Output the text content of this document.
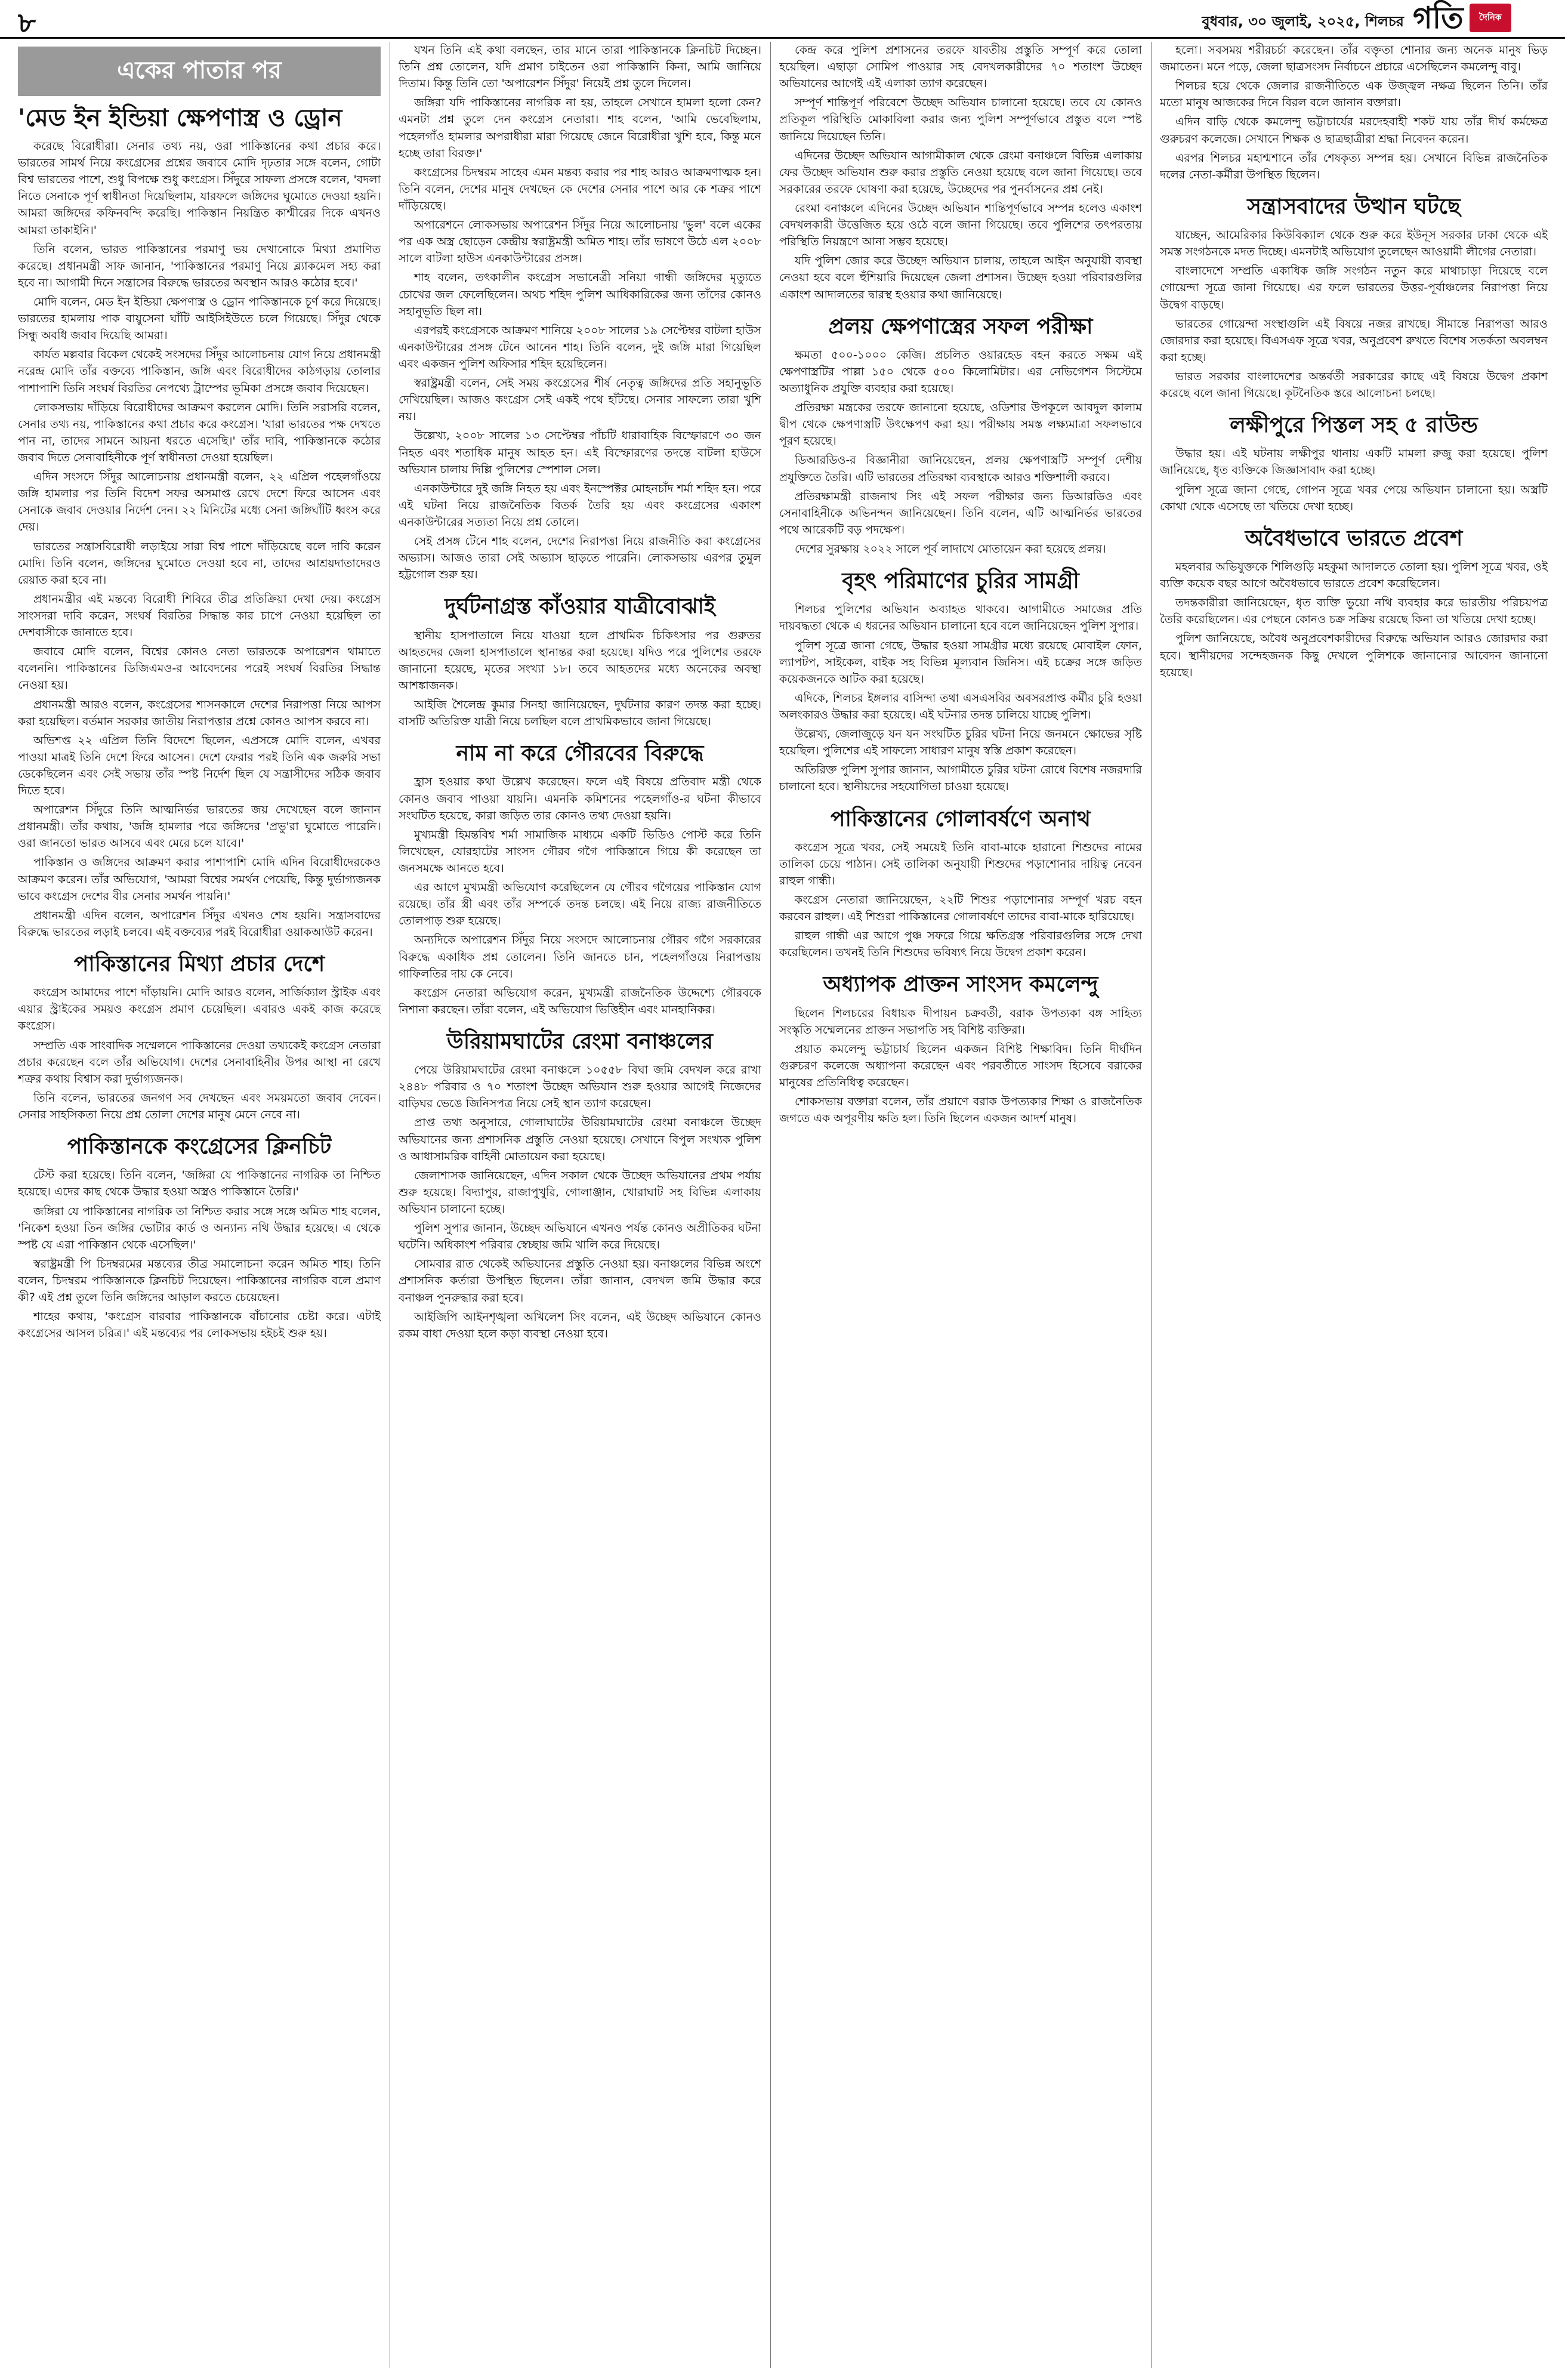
৮	বুধবার, ৩০ জুলাই, ২০২৫, শিলচর গতি	দৈনিক
একের পাতার পর
'মেড ইন ইন্ডিয়া ক্ষেপণাস্ত্র ও ড্রোন

করেছে বিরোধীরা। সেনার তথ্য নয়, ওরা পাকিস্তানের কথা প্রচার করে। ভারতের সামর্থ নিয়ে কংগ্রেসের প্রশ্নের জবাবে মোদি দৃঢ়তার সঙ্গে বলেন, গোটা বিশ্ব ভারতের পাশে, শুধু বিপক্ষে শুধু কংগ্রেস। সিঁদুরে সাফল্য প্রসঙ্গে বলেন, 'বদলা নিতে সেনাকে পূর্ণ স্বাধীনতা দিয়েছিলাম, যারফলে জঙ্গিদের ঘুমোতে দেওয়া হয়নি। আমরা জঙ্গিদের কফিনবন্দি করেছি। পাকিস্তান নিয়ন্ত্রিত কাশ্মীরের দিকে এখনও আমরা তাকাইনি।'

তিনি বলেন, ভারত পাকিস্তানের পরমাণু ভয় দেখানোকে মিথ্যা প্রমাণিত করেছে। প্রধানমন্ত্রী সাফ জানান, 'পাকিস্তানের পরমাণু নিয়ে ব্ল্যাকমেল সহ্য করা হবে না। আগামী দিনে সন্ত্রাসের বিরুদ্ধে ভারতের অবস্থান আরও কঠোর হবে।'

মোদি বলেন, মেড ইন ইন্ডিয়া ক্ষেপণাস্ত্র ও ড্রোন পাকিস্তানকে চূর্ণ করে দিয়েছে। ভারতের হামলায় পাক বায়ুসেনা ঘাঁটি আইসিইউতে চলে গিয়েছে। সিঁদুর থেকে সিন্ধু অবধি জবাব দিয়েছি আমরা।

কার্যত মল্লবার বিকেল থেকেই সংসদের সিঁদুর আলোচনায় যোগ নিয়ে প্রধানমন্ত্রী নরেন্দ্র মোদি তাঁর বক্তব্যে পাকিস্তান, জঙ্গি এবং বিরোধীদের কাঠগড়ায় তোলার পাশাপাশি তিনি সংঘর্ষ বিরতির নেপথ্যে ট্রাম্পের ভূমিকা প্রসঙ্গে জবাব দিয়েছেন।

লোকসভায় দাঁড়িয়ে বিরোধীদের আক্রমণ করলেন মোদি। তিনি সরাসরি বলেন, সেনার তথ্য নয়, পাকিস্তানের কথা প্রচার করে কংগ্রেস। 'যারা ভারতের পক্ষ দেখতে পান না, তাদের সামনে আয়না ধরতে এসেছি।' তাঁর দাবি, পাকিস্তানকে কঠোর জবাব দিতে সেনাবাহিনীকে পূর্ণ স্বাধীনতা দেওয়া হয়েছিল।

এদিন সংসদে সিঁদুর আলোচনায় প্রধানমন্ত্রী বলেন, ২২ এপ্রিল পহেলগাঁওয়ে জঙ্গি হামলার পর তিনি বিদেশ সফর অসমাপ্ত রেখে দেশে ফিরে আসেন এবং সেনাকে জবাব দেওয়ার নির্দেশ দেন। ২২ মিনিটের মধ্যে সেনা জঙ্গিঘাঁটি ধ্বংস করে দেয়।

ভারতের সন্ত্রাসবিরোধী লড়াইয়ে সারা বিশ্ব পাশে দাঁড়িয়েছে বলে দাবি করেন মোদি। তিনি বলেন, জঙ্গিদের ঘুমোতে দেওয়া হবে না, তাদের আশ্রয়দাতাদেরও রেয়াত করা হবে না।

প্রধানমন্ত্রীর এই মন্তব্যে বিরোধী শিবিরে তীব্র প্রতিক্রিয়া দেখা দেয়। কংগ্রেস সাংসদরা দাবি করেন, সংঘর্ষ বিরতির সিদ্ধান্ত কার চাপে নেওয়া হয়েছিল তা দেশবাসীকে জানাতে হবে।

জবাবে মোদি বলেন, বিশ্বের কোনও নেতা ভারতকে অপারেশন থামাতে বলেননি। পাকিস্তানের ডিজিএমও-র আবেদনের পরেই সংঘর্ষ বিরতির সিদ্ধান্ত নেওয়া হয়।

প্রধানমন্ত্রী আরও বলেন, কংগ্রেসের শাসনকালে দেশের নিরাপত্তা নিয়ে আপস করা হয়েছিল। বর্তমান সরকার জাতীয় নিরাপত্তার প্রশ্নে কোনও আপস করবে না।

অভিশপ্ত ২২ এপ্রিল তিনি বিদেশে ছিলেন, এপ্রসঙ্গে মোদি বলেন, এখবর পাওয়া মাত্রই তিনি দেশে ফিরে আসেন। দেশে ফেরার পরই তিনি এক জরুরি সভা ডেকেছিলেন এবং সেই সভায় তাঁর স্পষ্ট নির্দেশ ছিল যে সন্ত্রাসীদের সঠিক জবাব দিতে হবে।

অপারেশন সিঁদুরে তিনি আত্মনির্ভর ভারতের জয় দেখেছেন বলে জানান প্রধানমন্ত্রী। তাঁর কথায়, 'জঙ্গি হামলার পরে জঙ্গিদের 'প্রভু'রা ঘুমোতে পারেনি। ওরা জানতো ভারত আসবে এবং মেরে চলে যাবে।'

পাকিস্তান ও জঙ্গিদের আক্রমণ করার পাশাপাশি মোদি এদিন বিরোধীদেরকেও আক্রমণ করেন। তাঁর অভিযোগ, 'আমরা বিশ্বের সমর্থন পেয়েছি, কিন্তু দুর্ভাগ্যজনক ভাবে কংগ্রেস দেশের বীর সেনার সমর্থন পায়নি।'

প্রধানমন্ত্রী এদিন বলেন, অপারেশন সিঁদুর এখনও শেষ হয়নি। সন্ত্রাসবাদের বিরুদ্ধে ভারতের লড়াই চলবে। এই বক্তব্যের পরই বিরোধীরা ওয়াকআউট করেন।

পাকিস্তানের মিথ্যা প্রচার দেশে

কংগ্রেস আমাদের পাশে দাঁড়ায়নি। মোদি আরও বলেন, সার্জিক্যাল স্ট্রাইক এবং এয়ার স্ট্রাইকের সময়ও কংগ্রেস প্রমাণ চেয়েছিল। এবারও একই কাজ করেছে কংগ্রেস।

সম্প্রতি এক সাংবাদিক সম্মেলনে পাকিস্তানের দেওয়া তথ্যকেই কংগ্রেস নেতারা প্রচার করেছেন বলে তাঁর অভিযোগ। দেশের সেনাবাহিনীর উপর আস্থা না রেখে শত্রুর কথায় বিশ্বাস করা দুর্ভাগ্যজনক।

তিনি বলেন, ভারতের জনগণ সব দেখছেন এবং সময়মতো জবাব দেবেন। সেনার সাহসিকতা নিয়ে প্রশ্ন তোলা দেশের মানুষ মেনে নেবে না।

পাকিস্তানকে কংগ্রেসের ক্লিনচিট

টেস্ট করা হয়েছে। তিনি বলেন, 'জঙ্গিরা যে পাকিস্তানের নাগরিক তা নিশ্চিত হয়েছে। এদের কাছ থেকে উদ্ধার হওয়া অস্ত্রও পাকিস্তানে তৈরি।'

জঙ্গিরা যে পাকিস্তানের নাগরিক তা নিশ্চিত করার সঙ্গে সঙ্গে অমিত শাহ বলেন, 'নিকেশ হওয়া তিন জঙ্গির ভোটার কার্ড ও অন্যান্য নথি উদ্ধার হয়েছে। এ থেকে স্পষ্ট যে এরা পাকিস্তান থেকে এসেছিল।'

স্বরাষ্ট্রমন্ত্রী পি চিদম্বরমের মন্তব্যের তীব্র সমালোচনা করেন অমিত শাহ। তিনি বলেন, চিদম্বরম পাকিস্তানকে ক্লিনচিট দিয়েছেন। পাকিস্তানের নাগরিক বলে প্রমাণ কী? এই প্রশ্ন তুলে তিনি জঙ্গিদের আড়াল করতে চেয়েছেন।

শাহের কথায়, 'কংগ্রেস বারবার পাকিস্তানকে বাঁচানোর চেষ্টা করে। এটাই কংগ্রেসের আসল চরিত্র।' এই মন্তব্যের পর লোকসভায় হইচই শুরু হয়।

যখন তিনি এই কথা বলছেন, তার মানে তারা পাকিস্তানকে ক্লিনচিট দিচ্ছেন। তিনি প্রশ্ন তোলেন, যদি প্রমাণ চাইতেন ওরা পাকিস্তানি কিনা, আমি জানিয়ে দিতাম। কিন্তু তিনি তো 'অপারেশন সিঁদুর' নিয়েই প্রশ্ন তুলে দিলেন।

জঙ্গিরা যদি পাকিস্তানের নাগরিক না হয়, তাহলে সেখানে হামলা হলো কেন? এমনটা প্রশ্ন তুলে দেন কংগ্রেস নেতারা। শাহ বলেন, 'আমি ভেবেছিলাম, পহেলগাঁও হামলার অপরাধীরা মারা গিয়েছে জেনে বিরোধীরা খুশি হবে, কিন্তু মনে হচ্ছে তারা বিরক্ত।'

কংগ্রেসের চিদম্বরম সাহেব এমন মন্তব্য করার পর শাহ আরও আক্রমণাত্মক হন। তিনি বলেন, দেশের মানুষ দেখছেন কে দেশের সেনার পাশে আর কে শত্রুর পাশে দাঁড়িয়েছে।

অপারেশনে লোকসভায় অপারেশন সিঁদুর নিয়ে আলোচনায় 'ভুল' বলে একের পর এক অস্ত্র ছোড়েন কেন্দ্রীয় স্বরাষ্ট্রমন্ত্রী অমিত শাহ। তাঁর ভাষণে উঠে এল ২০০৮ সালে বাটলা হাউস এনকাউন্টারের প্রসঙ্গ।

শাহ বলেন, তৎকালীন কংগ্রেস সভানেত্রী সনিয়া গান্ধী জঙ্গিদের মৃত্যুতে চোখের জল ফেলেছিলেন। অথচ শহিদ পুলিশ আধিকারিকের জন্য তাঁদের কোনও সহানুভূতি ছিল না।

এরপরই কংগ্রেসকে আক্রমণ শানিয়ে ২০০৮ সালের ১৯ সেপ্টেম্বর বাটলা হাউস এনকাউন্টারের প্রসঙ্গ টেনে আনেন শাহ। তিনি বলেন, দুই জঙ্গি মারা গিয়েছিল এবং একজন পুলিশ অফিসার শহিদ হয়েছিলেন।

স্বরাষ্ট্রমন্ত্রী বলেন, সেই সময় কংগ্রেসের শীর্ষ নেতৃত্ব জঙ্গিদের প্রতি সহানুভূতি দেখিয়েছিল। আজও কংগ্রেস সেই একই পথে হাঁটছে। সেনার সাফল্যে তারা খুশি নয়।

উল্লেখ্য, ২০০৮ সালের ১৩ সেপ্টেম্বর পাঁচটি ধারাবাহিক বিস্ফোরণে ৩০ জন নিহত এবং শতাধিক মানুষ আহত হন। এই বিস্ফোরণের তদন্তে বাটলা হাউসে অভিযান চালায় দিল্লি পুলিশের স্পেশাল সেল।

এনকাউন্টারে দুই জঙ্গি নিহত হয় এবং ইনস্পেক্টর মোহনচাঁদ শর্মা শহিদ হন। পরে এই ঘটনা নিয়ে রাজনৈতিক বিতর্ক তৈরি হয় এবং কংগ্রেসের একাংশ এনকাউন্টারের সত্যতা নিয়ে প্রশ্ন তোলে।

সেই প্রসঙ্গ টেনে শাহ বলেন, দেশের নিরাপত্তা নিয়ে রাজনীতি করা কংগ্রেসের অভ্যাস। আজও তারা সেই অভ্যাস ছাড়তে পারেনি। লোকসভায় এরপর তুমুল হট্টগোল শুরু হয়।

দুর্ঘটনাগ্রস্ত কাঁওয়ার যাত্রীবোঝাই

স্থানীয় হাসপাতালে নিয়ে যাওয়া হলে প্রাথমিক চিকিৎসার পর গুরুতর আহতদের জেলা হাসপাতালে স্থানান্তর করা হয়েছে। যদিও পরে পুলিশের তরফে জানানো হয়েছে, মৃতের সংখ্যা ১৮। তবে আহতদের মধ্যে অনেকের অবস্থা আশঙ্কাজনক।

আইজি শৈলেন্দ্র কুমার সিনহা জানিয়েছেন, দুর্ঘটনার কারণ তদন্ত করা হচ্ছে। বাসটি অতিরিক্ত যাত্রী নিয়ে চলছিল বলে প্রাথমিকভাবে জানা গিয়েছে।

নাম না করে গৌরবের বিরুদ্ধে

হ্রাস হওয়ার কথা উল্লেখ করেছেন। ফলে এই বিষয়ে প্রতিবাদ মন্ত্রী থেকে কোনও জবাব পাওয়া যায়নি। এমনকি কমিশনের পহেলগাঁও-র ঘটনা কীভাবে সংঘটিত হয়েছে, কারা জড়িত তার কোনও তথ্য দেওয়া হয়নি।

মুখ্যমন্ত্রী হিমন্তবিশ্ব শর্মা সামাজিক মাধ্যমে একটি ভিডিও পোস্ট করে তিনি লিখেছেন, যোরহাটের সাংসদ গৌরব গগৈ পাকিস্তানে গিয়ে কী করেছেন তা জনসমক্ষে আনতে হবে।

এর আগে মুখ্যমন্ত্রী অভিযোগ করেছিলেন যে গৌরব গগৈয়ের পাকিস্তান যোগ রয়েছে। তাঁর স্ত্রী এবং তাঁর সম্পর্কে তদন্ত চলছে। এই নিয়ে রাজ্য রাজনীতিতে তোলপাড় শুরু হয়েছে।

অন্যদিকে অপারেশন সিঁদুর নিয়ে সংসদে আলোচনায় গৌরব গগৈ সরকারের বিরুদ্ধে একাধিক প্রশ্ন তোলেন। তিনি জানতে চান, পহেলগাঁওয়ে নিরাপত্তায় গাফিলতির দায় কে নেবে।

কংগ্রেস নেতারা অভিযোগ করেন, মুখ্যমন্ত্রী রাজনৈতিক উদ্দেশ্যে গৌরবকে নিশানা করছেন। তাঁরা বলেন, এই অভিযোগ ভিত্তিহীন এবং মানহানিকর।

উরিয়ামঘাটের রেংমা বনাঞ্চলের

পেয়ে উরিয়ামঘাটের রেংমা বনাঞ্চলে ১০৫৫৮ বিঘা জমি বেদখল করে রাখা ২৪৪৮ পরিবার ও ৭০ শতাংশ উচ্ছেদ অভিযান শুরু হওয়ার আগেই নিজেদের বাড়িঘর ভেঙে জিনিসপত্র নিয়ে সেই স্থান ত্যাগ করেছেন।

প্রাপ্ত তথ্য অনুসারে, গোলাঘাটের উরিয়ামঘাটের রেংমা বনাঞ্চলে উচ্ছেদ অভিযানের জন্য প্রশাসনিক প্রস্তুতি নেওয়া হয়েছে। সেখানে বিপুল সংখ্যক পুলিশ ও আধাসামরিক বাহিনী মোতায়েন করা হয়েছে।

জেলাশাসক জানিয়েছেন, এদিন সকাল থেকে উচ্ছেদ অভিযানের প্রথম পর্যায় শুরু হয়েছে। বিদ্যাপুর, রাজাপুখুরি, গোলাঞ্জান, খোরাঘাট সহ বিভিন্ন এলাকায় অভিযান চালানো হচ্ছে।

পুলিশ সুপার জানান, উচ্ছেদ অভিযানে এখনও পর্যন্ত কোনও অপ্রীতিকর ঘটনা ঘটেনি। অধিকাংশ পরিবার স্বেচ্ছায় জমি খালি করে দিয়েছে।

সোমবার রাত থেকেই অভিযানের প্রস্তুতি নেওয়া হয়। বনাঞ্চলের বিভিন্ন অংশে প্রশাসনিক কর্তারা উপস্থিত ছিলেন। তাঁরা জানান, বেদখল জমি উদ্ধার করে বনাঞ্চল পুনরুদ্ধার করা হবে।

আইজিপি আইনশৃঙ্খলা অখিলেশ সিং বলেন, এই উচ্ছেদ অভিযানে কোনও রকম বাধা দেওয়া হলে কড়া ব্যবস্থা নেওয়া হবে।

কেন্দ্র করে পুলিশ প্রশাসনের তরফে যাবতীয় প্রস্তুতি সম্পূর্ণ করে তোলা হয়েছিল। এছাড়া সোমিপ পাওয়ার সহ বেদখলকারীদের ৭০ শতাংশ উচ্ছেদ অভিযানের আগেই এই এলাকা ত্যাগ করেছেন।

সম্পূর্ণ শান্তিপূর্ণ পরিবেশে উচ্ছেদ অভিযান চালানো হয়েছে। তবে যে কোনও প্রতিকূল পরিস্থিতি মোকাবিলা করার জন্য পুলিশ সম্পূর্ণভাবে প্রস্তুত বলে স্পষ্ট জানিয়ে দিয়েছেন তিনি।

এদিনের উচ্ছেদ অভিযান আগামীকাল থেকে রেংমা বনাঞ্চলে বিভিন্ন এলাকায় ফের উচ্ছেদ অভিযান শুরু করার প্রস্তুতি নেওয়া হয়েছে বলে জানা গিয়েছে। তবে সরকারের তরফে ঘোষণা করা হয়েছে, উচ্ছেদের পর পুনর্বাসনের প্রশ্ন নেই।

রেংমা বনাঞ্চলে এদিনের উচ্ছেদ অভিযান শান্তিপূর্ণভাবে সম্পন্ন হলেও একাংশ বেদখলকারী উত্তেজিত হয়ে ওঠে বলে জানা গিয়েছে। তবে পুলিশের তৎপরতায় পরিস্থিতি নিয়ন্ত্রণে আনা সম্ভব হয়েছে।

যদি পুলিশ জোর করে উচ্ছেদ অভিযান চালায়, তাহলে আইন অনুযায়ী ব্যবস্থা নেওয়া হবে বলে হুঁশিয়ারি দিয়েছেন জেলা প্রশাসন। উচ্ছেদ হওয়া পরিবারগুলির একাংশ আদালতের দ্বারস্থ হওয়ার কথা জানিয়েছে।

প্রলয় ক্ষেপণাস্ত্রের সফল পরীক্ষা

ক্ষমতা ৫০০-১০০০ কেজি। প্রচলিত ওয়ারহেড বহন করতে সক্ষম এই ক্ষেপণাস্ত্রটির পাল্লা ১৫০ থেকে ৫০০ কিলোমিটার। এর নেভিগেশন সিস্টেমে অত্যাধুনিক প্রযুক্তি ব্যবহার করা হয়েছে।

প্রতিরক্ষা মন্ত্রকের তরফে জানানো হয়েছে, ওডিশার উপকূলে আবদুল কালাম দ্বীপ থেকে ক্ষেপণাস্ত্রটি উৎক্ষেপণ করা হয়। পরীক্ষায় সমস্ত লক্ষ্যমাত্রা সফলভাবে পূরণ হয়েছে।

ডিআরডিও-র বিজ্ঞানীরা জানিয়েছেন, প্রলয় ক্ষেপণাস্ত্রটি সম্পূর্ণ দেশীয় প্রযুক্তিতে তৈরি। এটি ভারতের প্রতিরক্ষা ব্যবস্থাকে আরও শক্তিশালী করবে।

প্রতিরক্ষামন্ত্রী রাজনাথ সিং এই সফল পরীক্ষার জন্য ডিআরডিও এবং সেনাবাহিনীকে অভিনন্দন জানিয়েছেন। তিনি বলেন, এটি আত্মনির্ভর ভারতের পথে আরেকটি বড় পদক্ষেপ।

দেশের সুরক্ষায় ২০২২ সালে পূর্ব লাদাখে মোতায়েন করা হয়েছে প্রলয়।

বৃহৎ পরিমাণের চুরির সামগ্রী

শিলচর পুলিশের অভিযান অব্যাহত থাকবে। আগামীতে সমাজের প্রতি দায়বদ্ধতা থেকে এ ধরনের অভিযান চালানো হবে বলে জানিয়েছেন পুলিশ সুপার।

পুলিশ সূত্রে জানা গেছে, উদ্ধার হওয়া সামগ্রীর মধ্যে রয়েছে মোবাইল ফোন, ল্যাপটপ, সাইকেল, বাইক সহ বিভিন্ন মূল্যবান জিনিস। এই চক্রের সঙ্গে জড়িত কয়েকজনকে আটক করা হয়েছে।

এদিকে, শিলচর ইঙ্গলার বাসিন্দা তথা এসএসবির অবসরপ্রাপ্ত কর্মীর চুরি হওয়া অলংকারও উদ্ধার করা হয়েছে। এই ঘটনার তদন্ত চালিয়ে যাচ্ছে পুলিশ।

উল্লেখ্য, জেলাজুড়ে যন যন সংঘটিত চুরির ঘটনা নিয়ে জনমনে ক্ষোভের সৃষ্টি হয়েছিল। পুলিশের এই সাফল্যে সাধারণ মানুষ স্বস্তি প্রকাশ করেছেন।

অতিরিক্ত পুলিশ সুপার জানান, আগামীতে চুরির ঘটনা রোধে বিশেষ নজরদারি চালানো হবে। স্থানীয়দের সহযোগিতা চাওয়া হয়েছে।

পাকিস্তানের গোলাবর্ষণে অনাথ

কংগ্রেস সূত্রে খবর, সেই সময়েই তিনি বাবা-মাকে হারানো শিশুদের নামের তালিকা চেয়ে পাঠান। সেই তালিকা অনুযায়ী শিশুদের পড়াশোনার দায়িত্ব নেবেন রাহুল গান্ধী।

কংগ্রেস নেতারা জানিয়েছেন, ২২টি শিশুর পড়াশোনার সম্পূর্ণ খরচ বহন করবেন রাহুল। এই শিশুরা পাকিস্তানের গোলাবর্ষণে তাদের বাবা-মাকে হারিয়েছে।

রাহুল গান্ধী এর আগে পুঞ্চ সফরে গিয়ে ক্ষতিগ্রস্ত পরিবারগুলির সঙ্গে দেখা করেছিলেন। তখনই তিনি শিশুদের ভবিষ্যৎ নিয়ে উদ্বেগ প্রকাশ করেন।

অধ্যাপক প্রাক্তন সাংসদ কমলেন্দু

ছিলেন শিলচরের বিধায়ক দীপায়ন চক্রবর্তী, বরাক উপত্যকা বঙ্গ সাহিত্য সংস্কৃতি সম্মেলনের প্রাক্তন সভাপতি সহ বিশিষ্ট ব্যক্তিরা।

প্রয়াত কমলেন্দু ভট্টাচার্য ছিলেন একজন বিশিষ্ট শিক্ষাবিদ। তিনি দীর্ঘদিন গুরুচরণ কলেজে অধ্যাপনা করেছেন এবং পরবর্তীতে সাংসদ হিসেবে বরাকের মানুষের প্রতিনিধিত্ব করেছেন।

শোকসভায় বক্তারা বলেন, তাঁর প্রয়াণে বরাক উপত্যকার শিক্ষা ও রাজনৈতিক জগতে এক অপূরণীয় ক্ষতি হল। তিনি ছিলেন একজন আদর্শ মানুষ।

হলো। সবসময় শরীরচর্চা করেছেন। তাঁর বক্তৃতা শোনার জন্য অনেক মানুষ ভিড় জমাতেন। মনে পড়ে, জেলা ছাত্রসংসদ নির্বাচনে প্রচারে এসেছিলেন কমলেন্দু বাবু।

শিলচর হয়ে থেকে জেলার রাজনীতিতে এক উজ্জ্বল নক্ষত্র ছিলেন তিনি। তাঁর মতো মানুষ আজকের দিনে বিরল বলে জানান বক্তারা।

এদিন বাড়ি থেকে কমলেন্দু ভট্টাচার্যের মরদেহবাহী শকট যায় তাঁর দীর্ঘ কর্মক্ষেত্র গুরুচরণ কলেজে। সেখানে শিক্ষক ও ছাত্রছাত্রীরা শ্রদ্ধা নিবেদন করেন।

এরপর শিলচর মহাশ্মশানে তাঁর শেষকৃত্য সম্পন্ন হয়। সেখানে বিভিন্ন রাজনৈতিক দলের নেতা-কর্মীরা উপস্থিত ছিলেন।

সন্ত্রাসবাদের উত্থান ঘটছে

যাচ্ছেন, আমেরিকার কিউবিক্যাল থেকে শুরু করে ইউনূস সরকার ঢাকা থেকে এই সমস্ত সংগঠনকে মদত দিচ্ছে। এমনটাই অভিযোগ তুলেছেন আওয়ামী লীগের নেতারা।

বাংলাদেশে সম্প্রতি একাধিক জঙ্গি সংগঠন নতুন করে মাথাচাড়া দিয়েছে বলে গোয়েন্দা সূত্রে জানা গিয়েছে। এর ফলে ভারতের উত্তর-পূর্বাঞ্চলের নিরাপত্তা নিয়ে উদ্বেগ বাড়ছে।

ভারতের গোয়েন্দা সংস্থাগুলি এই বিষয়ে নজর রাখছে। সীমান্তে নিরাপত্তা আরও জোরদার করা হয়েছে। বিএসএফ সূত্রে খবর, অনুপ্রবেশ রুখতে বিশেষ সতর্কতা অবলম্বন করা হচ্ছে।

ভারত সরকার বাংলাদেশের অন্তর্বর্তী সরকারের কাছে এই বিষয়ে উদ্বেগ প্রকাশ করেছে বলে জানা গিয়েছে। কূটনৈতিক স্তরে আলোচনা চলছে।

লক্ষীপুরে পিস্তল সহ ৫ রাউন্ড

উদ্ধার হয়। এই ঘটনায় লক্ষীপুর থানায় একটি মামলা রুজু করা হয়েছে। পুলিশ জানিয়েছে, ধৃত ব্যক্তিকে জিজ্ঞাসাবাদ করা হচ্ছে।

পুলিশ সূত্রে জানা গেছে, গোপন সূত্রে খবর পেয়ে অভিযান চালানো হয়। অস্ত্রটি কোথা থেকে এসেছে তা খতিয়ে দেখা হচ্ছে।

অবৈধভাবে ভারতে প্রবেশ

মহলবার অভিযুক্তকে শিলিগুড়ি মহকুমা আদালতে তোলা হয়। পুলিশ সূত্রে খবর, ওই ব্যক্তি কয়েক বছর আগে অবৈধভাবে ভারতে প্রবেশ করেছিলেন।

তদন্তকারীরা জানিয়েছেন, ধৃত ব্যক্তি ভুয়ো নথি ব্যবহার করে ভারতীয় পরিচয়পত্র তৈরি করেছিলেন। এর পেছনে কোনও চক্র সক্রিয় রয়েছে কিনা তা খতিয়ে দেখা হচ্ছে।

পুলিশ জানিয়েছে, অবৈধ অনুপ্রবেশকারীদের বিরুদ্ধে অভিযান আরও জোরদার করা হবে। স্থানীয়দের সন্দেহজনক কিছু দেখলে পুলিশকে জানানোর আবেদন জানানো হয়েছে।
